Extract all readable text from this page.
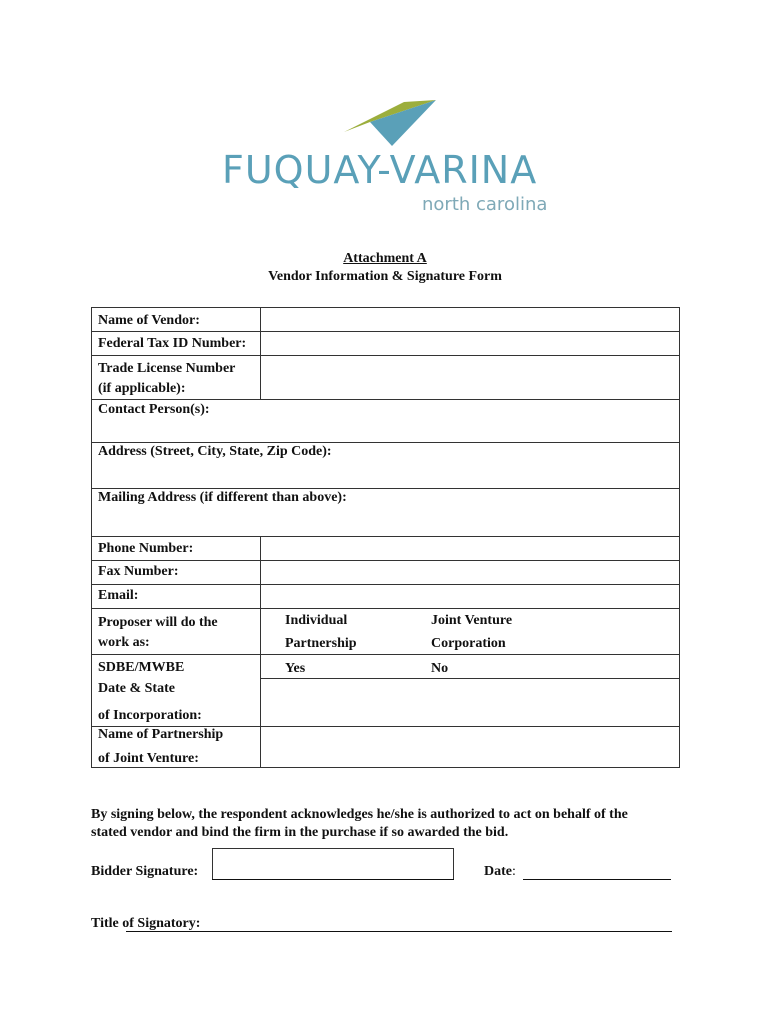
FUQUAY-VARINA
north carolina
Attachment A
Vendor Information & Signature Form
Name of Vendor:
Federal Tax ID Number:
Trade License Number
(if applicable):
Contact Person(s):
Address (Street, City, State, Zip Code):
Mailing Address (if different than above):
Phone Number:
Fax Number:
Email:
Proposer will do the
work as:
Individual	Joint Venture
Partnership	Corporation
SDBE/MWBE	Yes	No
Date & State
of Incorporation:
Name of Partnership
of Joint Venture:
By signing below, the respondent acknowledges he/she is authorized to act on behalf of the
stated vendor and bind the firm in the purchase if so awarded the bid.
Bidder Signature:	Date:
Title of Signatory:
